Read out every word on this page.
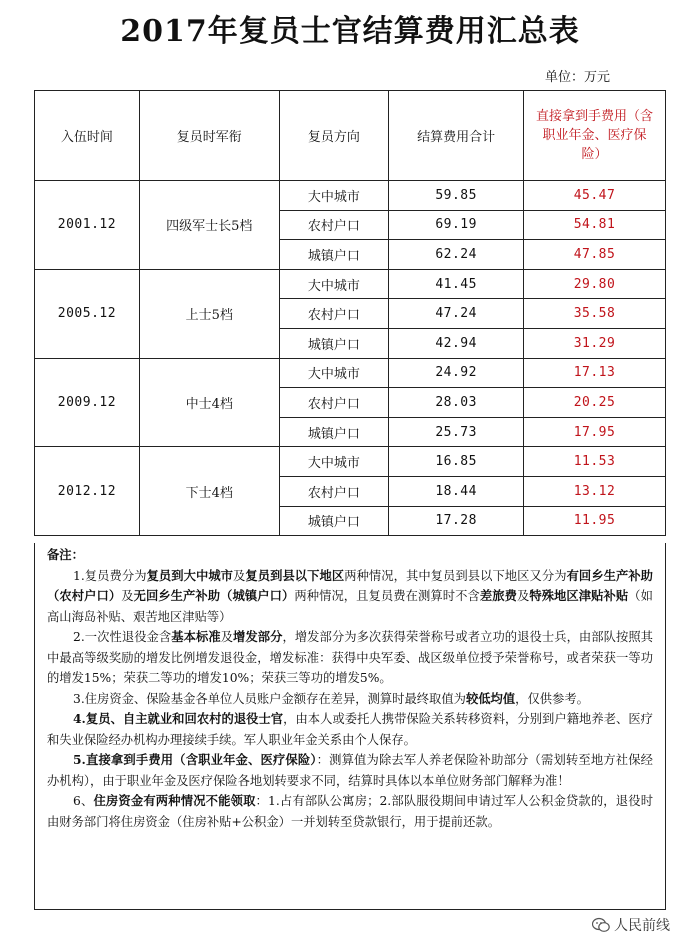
2017年复员士官结算费用汇总表
单位：万元
入伍时间	复员时军衔	复员方向	结算费用合计	直接拿到手费用（含职业年金、医疗保险）
2001.12	四级军士长5档	大中城市	59.85	45.47
		农村户口	69.19	54.81
		城镇户口	62.24	47.85
2005.12	上士5档	大中城市	41.45	29.80
		农村户口	47.24	35.58
		城镇户口	42.94	31.29
2009.12	中士4档	大中城市	24.92	17.13
		农村户口	28.03	20.25
		城镇户口	25.73	17.95
2012.12	下士4档	大中城市	16.85	11.53
		农村户口	18.44	13.12
		城镇户口	17.28	11.95

备注：

1.复员费分为复员到大中城市及复员到县以下地区两种情况，其中复员到县以下地区又分为有回乡生产补助（农村户口）及无回乡生产补助（城镇户口）两种情况，且复员费在测算时不含差旅费及特殊地区津贴补贴（如高山海岛补贴、艰苦地区津贴等）

2.一次性退役金含基本标准及增发部分，增发部分为多次获得荣誉称号或者立功的退役士兵，由部队按照其中最高等级奖励的增发比例增发退役金，增发标准：获得中央军委、战区级单位授予荣誉称号，或者荣获一等功的增发15%；荣获二等功的增发10%；荣获三等功的增发5%。

3.住房资金、保险基金各单位人员账户金额存在差异，测算时最终取值为较低均值，仅供参考。

4.复员、自主就业和回农村的退役士官，由本人或委托人携带保险关系转移资料，分别到户籍地养老、医疗和失业保险经办机构办理接续手续。军人职业年金关系由个人保存。

5.直接拿到手费用（含职业年金、医疗保险）：测算值为除去军人养老保险补助部分（需划转至地方社保经办机构），由于职业年金及医疗保险各地划转要求不同，结算时具体以本单位财务部门解释为准！

6、住房资金有两种情况不能领取：1.占有部队公寓房；2.部队服役期间申请过军人公积金贷款的，退役时由财务部门将住房资金（住房补贴+公积金）一并划转至贷款银行，用于提前还款。

人民前线
